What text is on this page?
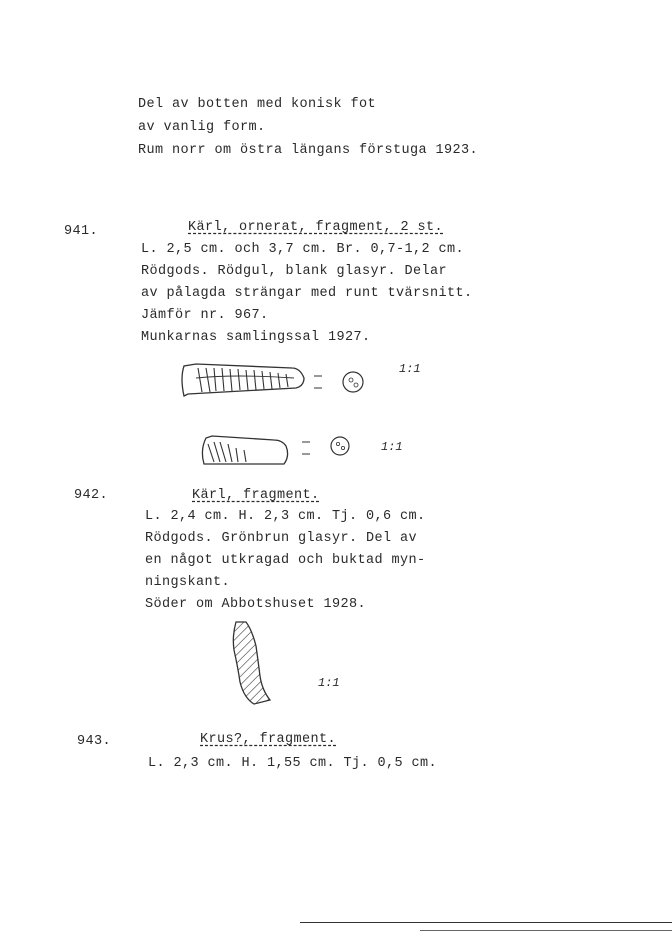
Del av botten med konisk fot
av vanlig form.
Rum norr om östra längans förstuga 1923.
941.	Kärl, ornerat, fragment, 2 st.
L. 2,5 cm. och 3,7 cm. Br. 0,7-1,2 cm.
Rödgods. Rödgul, blank glasyr. Delar
av pålagda strängar med runt tvärsnitt.
Jämför nr. 967.
Munkarnas samlingssal 1927.
1:1
1:1
942.	Kärl, fragment.
L. 2,4 cm. H. 2,3 cm. Tj. 0,6 cm.
Rödgods. Grönbrun glasyr. Del av
en något utkragad och buktad myn-
ningskant.
Söder om Abbotshuset 1928.
1:1
943.	Krus?, fragment.
L. 2,3 cm. H. 1,55 cm. Tj. 0,5 cm.
